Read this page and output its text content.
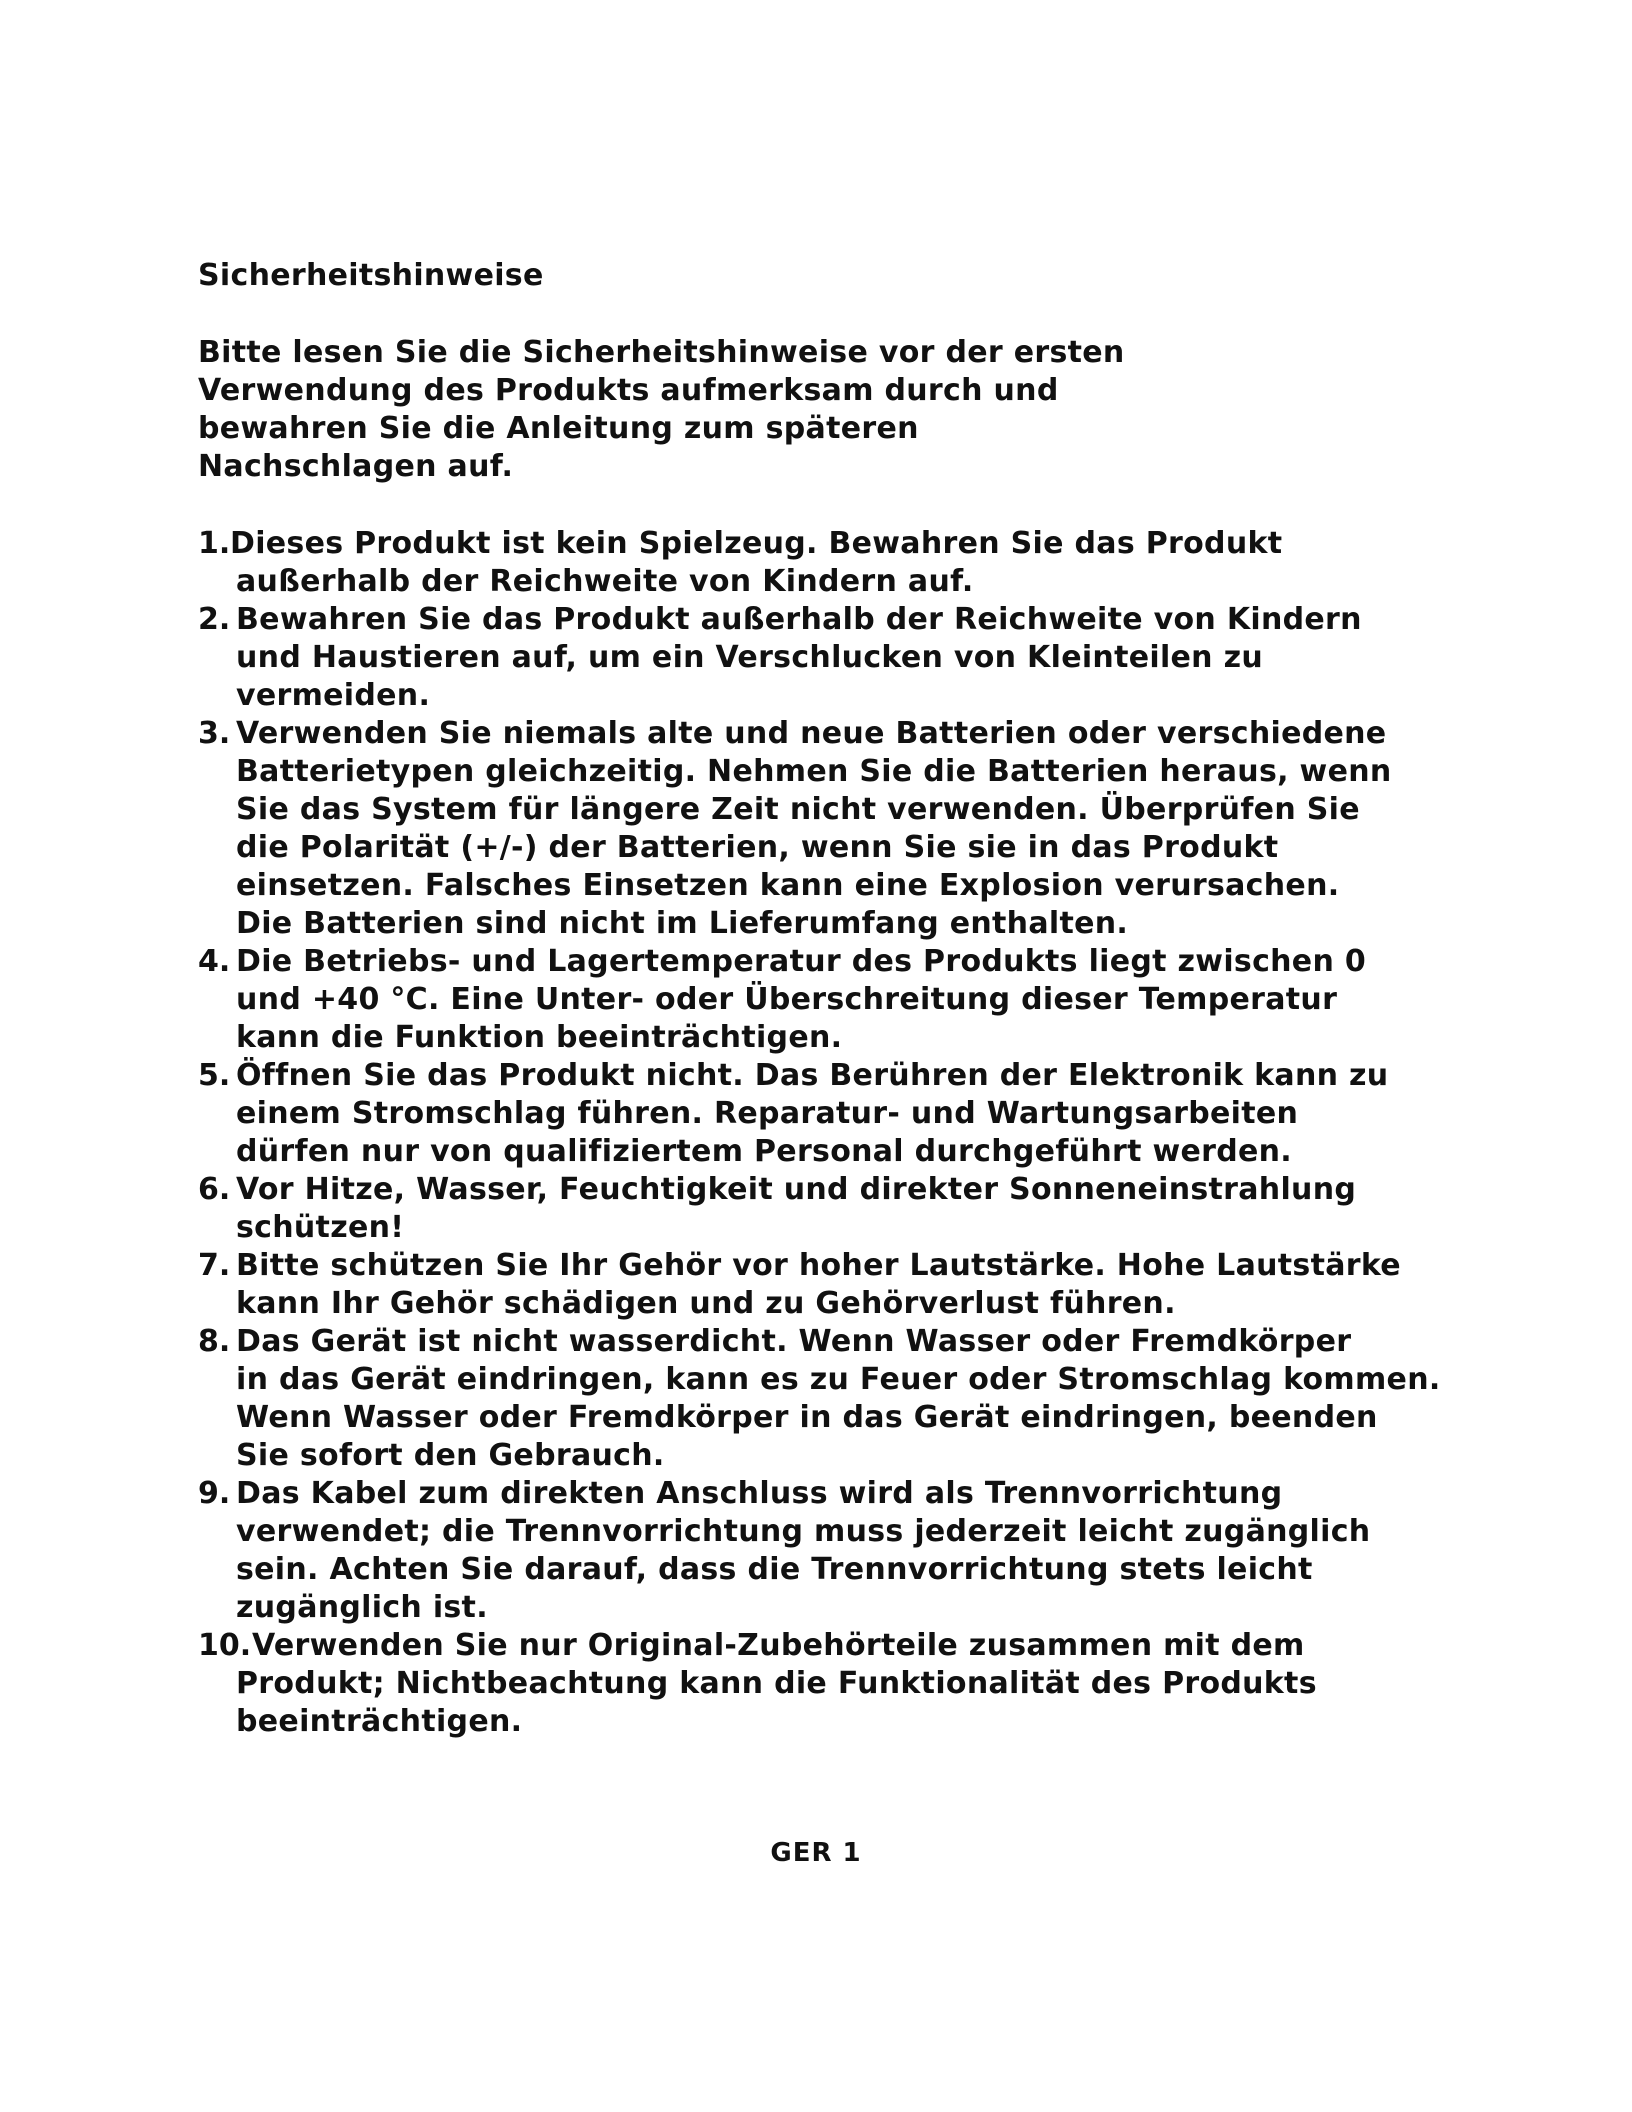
Sicherheitshinweise
Bitte lesen Sie die Sicherheitshinweise vor der ersten
Verwendung des Produkts aufmerksam durch und
bewahren Sie die Anleitung zum späteren
Nachschlagen auf.
1. Dieses Produkt ist kein Spielzeug. Bewahren Sie das Produkt
außerhalb der Reichweite von Kindern auf.
2. Bewahren Sie das Produkt außerhalb der Reichweite von Kindern
und Haustieren auf, um ein Verschlucken von Kleinteilen zu
vermeiden.
3. Verwenden Sie niemals alte und neue Batterien oder verschiedene
Batterietypen gleichzeitig. Nehmen Sie die Batterien heraus, wenn
Sie das System für längere Zeit nicht verwenden. Überprüfen Sie
die Polarität (+/-) der Batterien, wenn Sie sie in das Produkt
einsetzen. Falsches Einsetzen kann eine Explosion verursachen.
Die Batterien sind nicht im Lieferumfang enthalten.
4. Die Betriebs- und Lagertemperatur des Produkts liegt zwischen 0
und +40 °C. Eine Unter- oder Überschreitung dieser Temperatur
kann die Funktion beeinträchtigen.
5. Öffnen Sie das Produkt nicht. Das Berühren der Elektronik kann zu
einem Stromschlag führen. Reparatur- und Wartungsarbeiten
dürfen nur von qualifiziertem Personal durchgeführt werden.
6. Vor Hitze, Wasser, Feuchtigkeit und direkter Sonneneinstrahlung
schützen!
7. Bitte schützen Sie Ihr Gehör vor hoher Lautstärke. Hohe Lautstärke
kann Ihr Gehör schädigen und zu Gehörverlust führen.
8. Das Gerät ist nicht wasserdicht. Wenn Wasser oder Fremdkörper
in das Gerät eindringen, kann es zu Feuer oder Stromschlag kommen.
Wenn Wasser oder Fremdkörper in das Gerät eindringen, beenden
Sie sofort den Gebrauch.
9. Das Kabel zum direkten Anschluss wird als Trennvorrichtung
verwendet; die Trennvorrichtung muss jederzeit leicht zugänglich
sein. Achten Sie darauf, dass die Trennvorrichtung stets leicht
zugänglich ist.
10. Verwenden Sie nur Original-Zubehörteile zusammen mit dem
Produkt; Nichtbeachtung kann die Funktionalität des Produkts
beeinträchtigen.
GER 1
